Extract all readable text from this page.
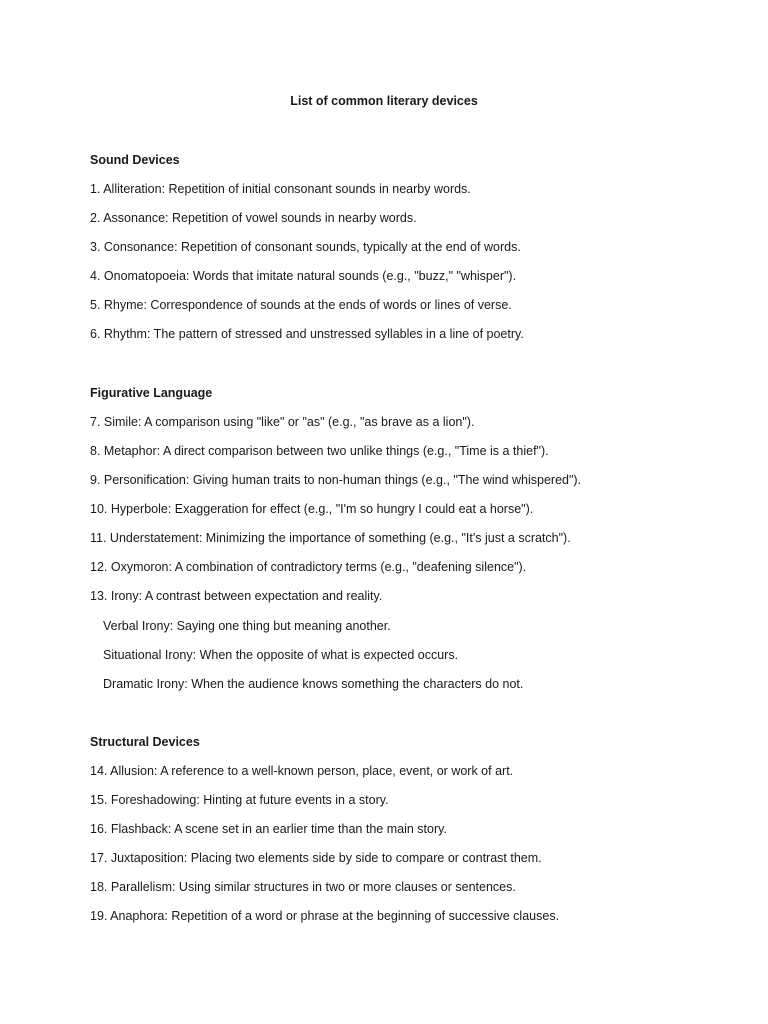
List of common literary devices
Sound Devices
1. Alliteration: Repetition of initial consonant sounds in nearby words.
2. Assonance: Repetition of vowel sounds in nearby words.
3. Consonance: Repetition of consonant sounds, typically at the end of words.
4. Onomatopoeia: Words that imitate natural sounds (e.g., "buzz," "whisper").
5. Rhyme: Correspondence of sounds at the ends of words or lines of verse.
6. Rhythm: The pattern of stressed and unstressed syllables in a line of poetry.
Figurative Language
7. Simile: A comparison using "like" or "as" (e.g., "as brave as a lion").
8. Metaphor: A direct comparison between two unlike things (e.g., "Time is a thief").
9. Personification: Giving human traits to non-human things (e.g., "The wind whispered").
10. Hyperbole: Exaggeration for effect (e.g., "I'm so hungry I could eat a horse").
11. Understatement: Minimizing the importance of something (e.g., "It's just a scratch").
12. Oxymoron: A combination of contradictory terms (e.g., "deafening silence").
13. Irony: A contrast between expectation and reality.
Verbal Irony: Saying one thing but meaning another.
Situational Irony: When the opposite of what is expected occurs.
Dramatic Irony: When the audience knows something the characters do not.
Structural Devices
14. Allusion: A reference to a well-known person, place, event, or work of art.
15. Foreshadowing: Hinting at future events in a story.
16. Flashback: A scene set in an earlier time than the main story.
17. Juxtaposition: Placing two elements side by side to compare or contrast them.
18. Parallelism: Using similar structures in two or more clauses or sentences.
19. Anaphora: Repetition of a word or phrase at the beginning of successive clauses.
